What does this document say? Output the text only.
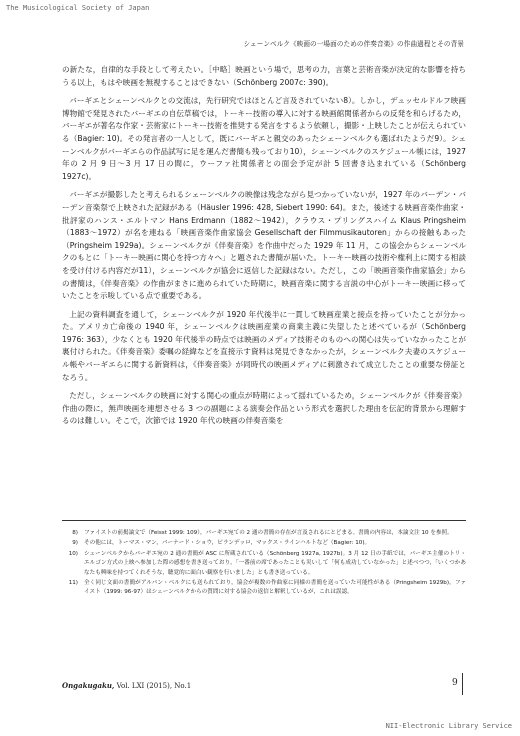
The Musicological Society of Japan
シェーンベルク《映画の一場面のための伴奏音楽》の作曲過程とその背景

の新たな，自律的な手段として考えたい。［中略］映画という場で，思考の力，言葉と芸術音楽が決定的な影響を持ちうる以上，もはや映画を無視することはできない（Schönberg 2007c: 390)。

バーギエとシェーンベルクとの交流は，先行研究ではほとんど言及されていない8）。しかし，デュッセルドルフ映画博物館で発見されたバーギエの自伝草稿では，トーキー技術の導入に対する映画館関係者からの反発を和らげるため，バーギエが著名な作家・芸術家にトーキー技術を推奨する発言をするよう依頼し，撮影・上映したことが伝えられている（Bagier: 10)。その発言者の一人として，既にバーギエと親交のあったシェーンベルクも選ばれたようだ9）。シェーンベルクがバーギエらの作品試写に足を運んだ書簡も残っており10），シェーンベルクのスケジュール帳には，1927 年の 2 月 9 日〜3 月 17 日の間に，ウーファ社関係者との面会予定が計 5 回書き込まれている（Schönberg 1927c)。

バーギエが撮影したと考えられるシェーンベルクの映像は残念ながら見つかっていないが，1927 年のバーデン・バーデン音楽祭で上映された記録がある（Häusler 1996: 428, Siebert 1990: 64)。また，後述する映画音楽作曲家・批評家のハンス・エルトマン Hans Erdmann（1882〜1942），クラウス・プリングスハイム Klaus Pringsheim（1883〜1972）が名を連ねる「映画音楽作曲家協会 Gesellschaft der Filmmusikautoren」からの接触もあった（Pringsheim 1929a)。シェーンベルクが《伴奏音楽》を作曲中だった 1929 年 11 月，この協会からシェーンベルクのもとに「トーキー映画に関心を持つ方々へ」と題された書簡が届いた。トーキー映画の技術や権利上に関する相談を受け付ける内容だが11），シェーンベルクが協会に返信した記録はない。ただし，この「映画音楽作曲家協会」からの書簡は，《伴奏音楽》の作曲がまさに進められていた時期に，映画音楽に関する言説の中心がトーキー映画に移っていたことを示唆している点で重要である。

上記の資料調査を通して，シェーンベルクが 1920 年代後半に一貫して映画産業と接点を持っていたことが分かった。アメリカ亡命後の 1940 年，シェーンベルクは映画産業の商業主義に失望したと述べているが（Schönberg 1976: 363），少なくとも 1920 年代後半の時点では映画のメディア技術そのものへの関心は失っていなかったことが裏付けられた。《伴奏音楽》委嘱の経緯などを直接示す資料は発見できなかったが，シェーンベルク夫妻のスケジュール帳やバーギエらに関する新資料は，《伴奏音楽》が同時代の映画メディアに刺激されて成立したことの重要な傍証となろう。

ただし，シェーンベルクの映画に対する関心の重点が時期によって揺れているため，シェーンベルクが《伴奏音楽》作曲の際に，無声映画を連想させる 3 つの副題による演奏会作品という形式を選択した理由を伝記的背景から理解するのは難しい。そこで，次節では 1920 年代の映画の伴奏音楽を

8)	ファイストの前掲論文で（Feisst 1999: 109），バーギエ宛ての 2 通の書簡の存在が言及されるにとどまる。書簡の内容は，本論文注 10 を参照。
9)	その他には，トーマス・マン，バーナード・ショウ，ピランデッロ，マックス・ラインハルトなど（Bagier: 10)。
10)	シェーンベルクからバーギエ宛の 2 通の書簡が ASC に所蔵されている（Schönberg 1927a, 1927b)。3 月 12 日の手紙では，バーギエ主催のトリ・エルゴン方式の上映へ参加した際の感想を書き送っており，「一番前の席であったことも災いして「何も成功していなかった」と述べつつ，「いくつかあなたも興味を持つてくれそうな，聴覚的に面白い観察を行いました」とも書き送っている。
11)	全く同じ文面の書簡がアルバン・ベルクにも送られており，協会が複数の作曲家に同様の書簡を送っていた可能性がある（Pringsheim 1929b)。ファイスト（1999: 96-97）はシェーンベルクからの質問に対する協会の返信と解釈しているが，これは誤認。
Ongakugaku, Vol. LXI (2015), No.1	9
NII-Electronic Library Service
